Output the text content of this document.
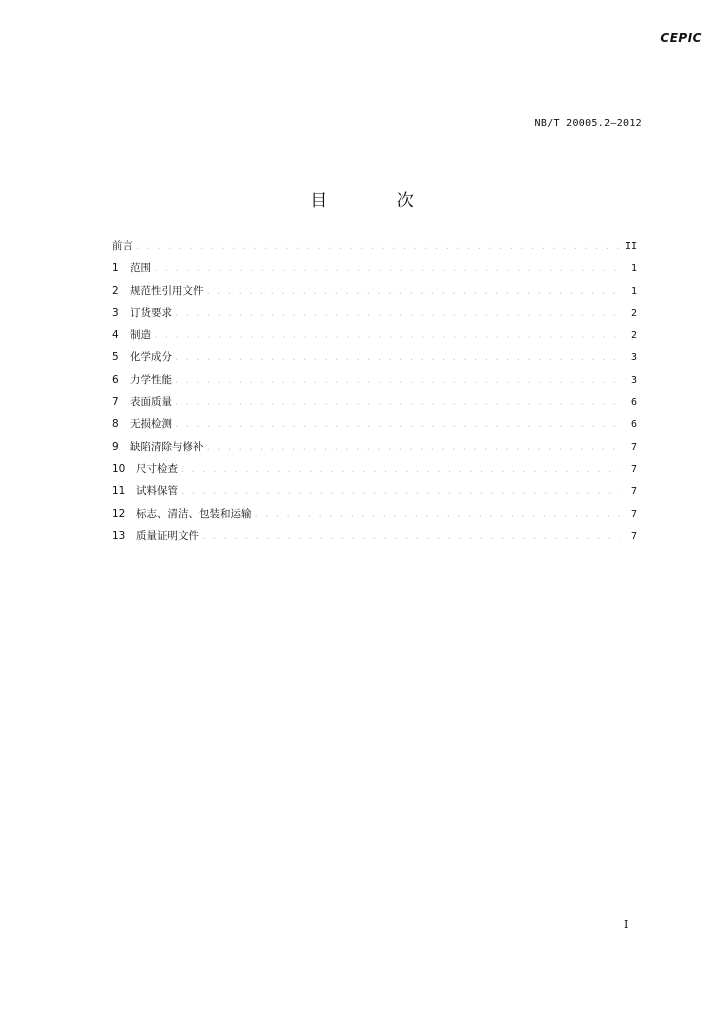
CEPIC
NB/T 20005.2—2012
目 次
前言 . . .	II
1	范围 . . .	1
2	规范性引用文件 . . .	1
3	订货要求 . . .	2
4	制造 . . .	2
5	化学成分 . . .	3
6	力学性能 . . .	3
7	表面质量 . . .	6
8	无损检测 . . .	6
9	缺陷清除与修补 . . .	7
10	尺寸检查 . . .	7
11	试料保管 . . .	7
12	标志、清洁、包装和运输 . . .	7
13	质量证明文件 . . .	7
I
